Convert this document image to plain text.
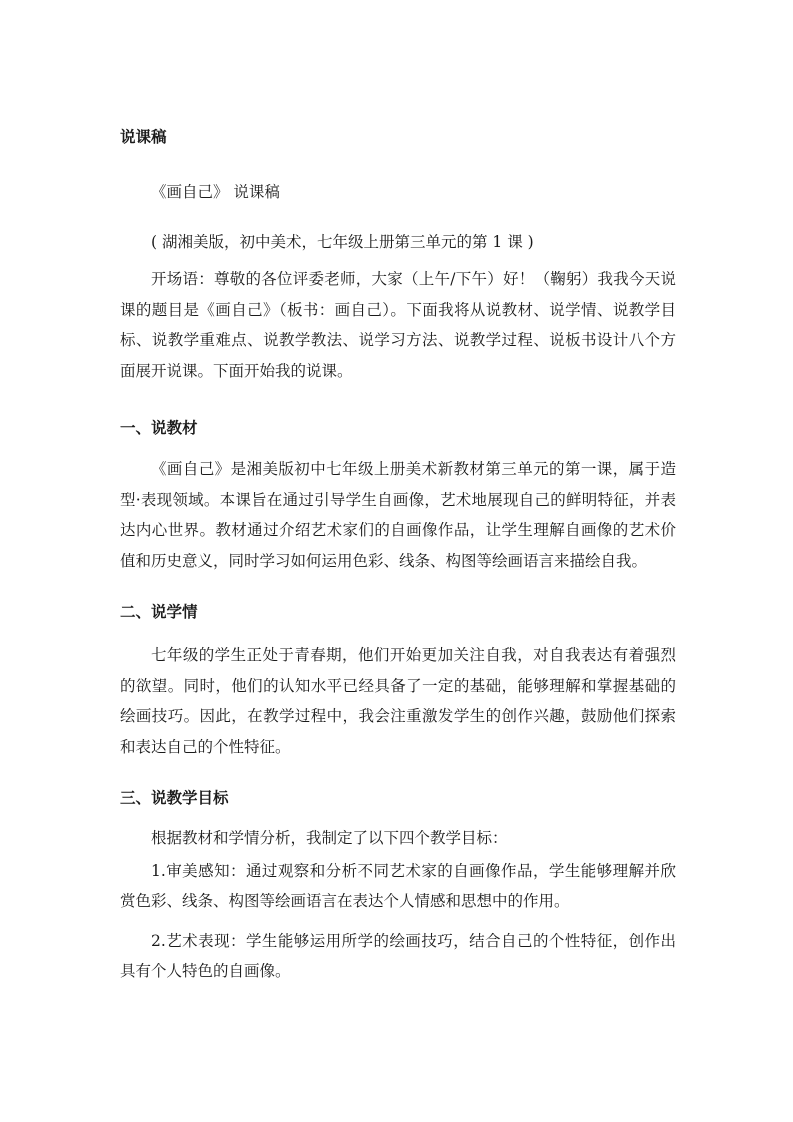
说课稿
《画自己》 说课稿
( 湖湘美版，初中美术，七年级上册第三单元的第 1 课 )

开场语：尊敬的各位评委老师，大家（上午/下午）好！（鞠躬）我我今天说课的题目是《画自己》（板书：画自己）。下面我将从说教材、说学情、说教学目标、说教学重难点、说教学教法、说学习方法、说教学过程、说板书设计八个方面展开说课。下面开始我的说课。

一、说教材

《画自己》是湘美版初中七年级上册美术新教材第三单元的第一课，属于造型·表现领域。本课旨在通过引导学生自画像，艺术地展现自己的鲜明特征，并表达内心世界。教材通过介绍艺术家们的自画像作品，让学生理解自画像的艺术价值和历史意义，同时学习如何运用色彩、线条、构图等绘画语言来描绘自我。

二、说学情

七年级的学生正处于青春期，他们开始更加关注自我，对自我表达有着强烈的欲望。同时，他们的认知水平已经具备了一定的基础，能够理解和掌握基础的绘画技巧。因此，在教学过程中，我会注重激发学生的创作兴趣，鼓励他们探索和表达自己的个性特征。

三、说教学目标

根据教材和学情分析，我制定了以下四个教学目标：

1.审美感知：通过观察和分析不同艺术家的自画像作品，学生能够理解并欣赏色彩、线条、构图等绘画语言在表达个人情感和思想中的作用。

2.艺术表现：学生能够运用所学的绘画技巧，结合自己的个性特征，创作出具有个人特色的自画像。
